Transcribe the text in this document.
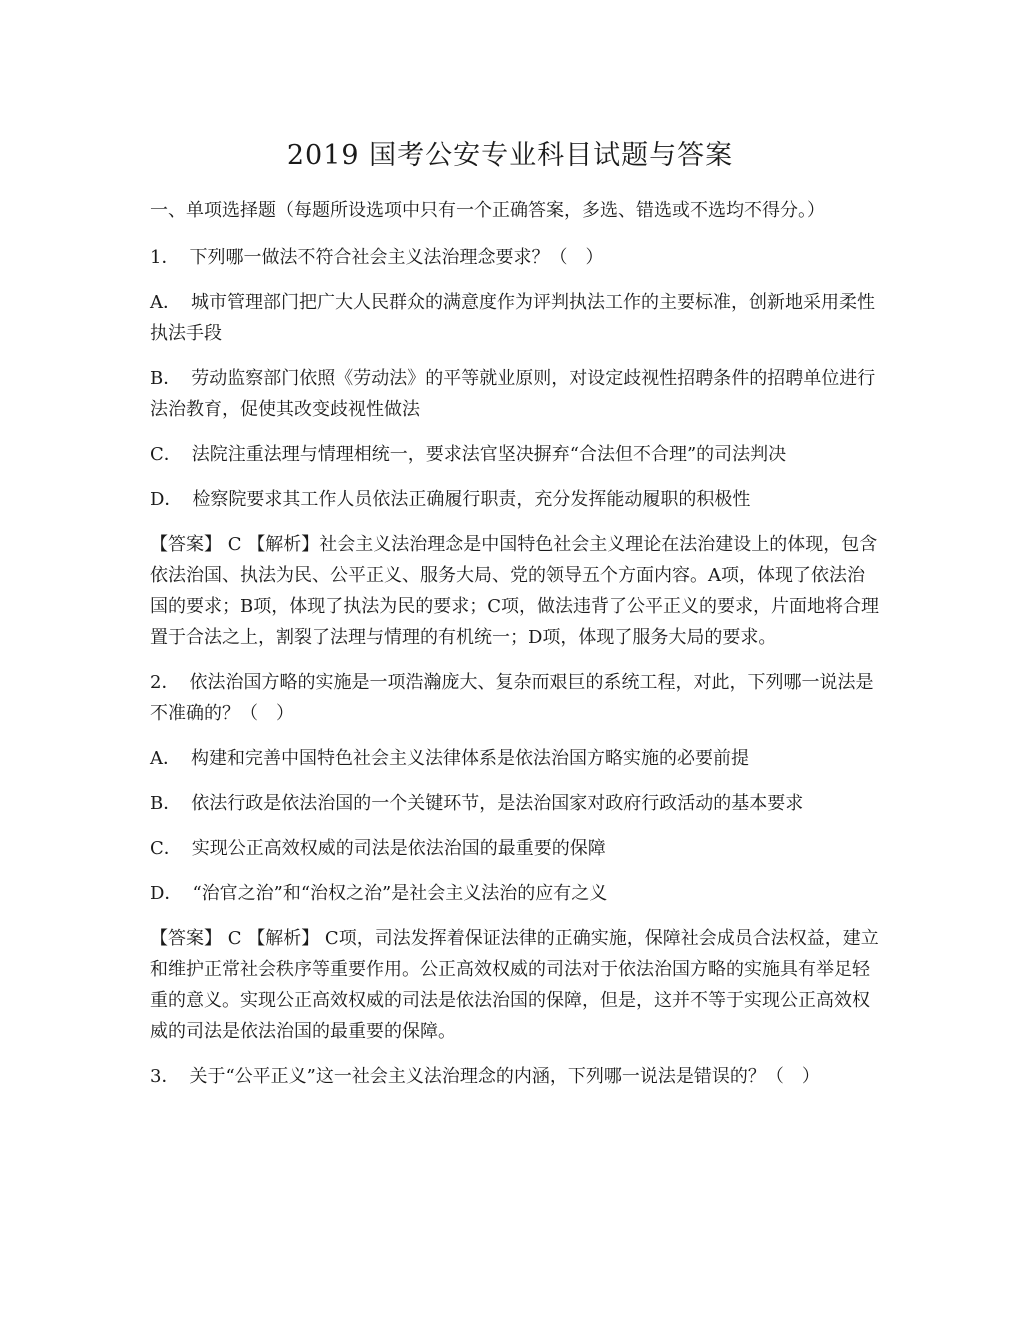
2019 国考公安专业科目试题与答案

一、单项选择题（每题所设选项中只有一个正确答案，多选、错选或不选均不得分。）

1． 下列哪一做法不符合社会主义法治理念要求？（　）

A． 城市管理部门把广大人民群众的满意度作为评判执法工作的主要标准，创新地采用柔性执法手段

B． 劳动监察部门依照《劳动法》的平等就业原则，对设定歧视性招聘条件的招聘单位进行法治教育，促使其改变歧视性做法

C． 法院注重法理与情理相统一，要求法官坚决摒弃“合法但不合理”的司法判决

D． 检察院要求其工作人员依法正确履行职责，充分发挥能动履职的积极性

【答案】 C 【解析】社会主义法治理念是中国特色社会主义理论在法治建设上的体现，包含依法治国、执法为民、公平正义、服务大局、党的领导五个方面内容。A项，体现了依法治国的要求；B项，体现了执法为民的要求；C项，做法违背了公平正义的要求，片面地将合理置于合法之上，割裂了法理与情理的有机统一；D项，体现了服务大局的要求。

2． 依法治国方略的实施是一项浩瀚庞大、复杂而艰巨的系统工程，对此，下列哪一说法是不准确的？（　）

A． 构建和完善中国特色社会主义法律体系是依法治国方略实施的必要前提

B． 依法行政是依法治国的一个关键环节，是法治国家对政府行政活动的基本要求

C． 实现公正高效权威的司法是依法治国的最重要的保障

D． “治官之治”和“治权之治”是社会主义法治的应有之义

【答案】 C 【解析】 C项，司法发挥着保证法律的正确实施，保障社会成员合法权益，建立和维护正常社会秩序等重要作用。公正高效权威的司法对于依法治国方略的实施具有举足轻重的意义。实现公正高效权威的司法是依法治国的保障，但是，这并不等于实现公正高效权威的司法是依法治国的最重要的保障。

3． 关于“公平正义”这一社会主义法治理念的内涵，下列哪一说法是错误的？（　）
